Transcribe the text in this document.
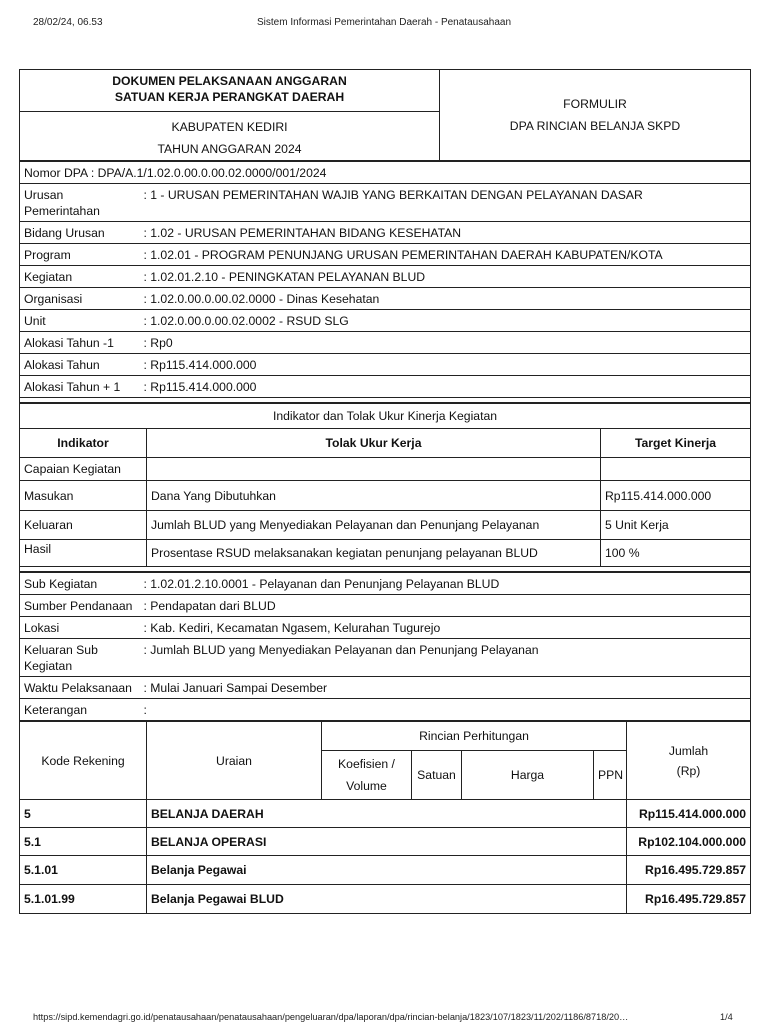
28/02/24, 06.53	Sistem Informasi Pemerintahan Daerah - Penatausahaan
DOKUMEN PELAKSANAAN ANGGARAN
SATUAN KERJA PERANGKAT DAERAH	FORMULIR
DPA RINCIAN BELANJA SKPD

KABUPATEN KEDIRI
TAHUN ANGGARAN 2024
Nomor DPA : DPA/A.1/1.02.0.00.0.00.02.0000/001/2024	
Urusan Pemerintahan	: 1 - URUSAN PEMERINTAHAN WAJIB YANG BERKAITAN DENGAN PELAYANAN DASAR
Bidang Urusan	: 1.02 - URUSAN PEMERINTAHAN BIDANG KESEHATAN
Program	: 1.02.01 - PROGRAM PENUNJANG URUSAN PEMERINTAHAN DAERAH KABUPATEN/KOTA
Kegiatan	: 1.02.01.2.10 - PENINGKATAN PELAYANAN BLUD
Organisasi	: 1.02.0.00.0.00.02.0000 - Dinas Kesehatan
Unit	: 1.02.0.00.0.00.02.0002 - RSUD SLG
Alokasi Tahun -1	: Rp0
Alokasi Tahun	: Rp115.414.000.000
Alokasi Tahun + 1	: Rp115.414.000.000

Indikator dan Tolak Ukur Kinerja Kegiatan		
Indikator	Tolak Ukur Kerja	Target Kinerja
Capaian Kegiatan		
Masukan	Dana Yang Dibutuhkan	Rp115.414.000.000
Keluaran	Jumlah BLUD yang Menyediakan Pelayanan dan Penunjang Pelayanan	5 Unit Kerja
Hasil	Prosentase RSUD melaksanakan kegiatan penunjang pelayanan BLUD	100 %

Sub Kegiatan	: 1.02.01.2.10.0001 - Pelayanan dan Penunjang Pelayanan BLUD
Sumber Pendanaan	: Pendapatan dari BLUD
Lokasi	: Kab. Kediri, Kecamatan Ngasem, Kelurahan Tugurejo
Keluaran Sub Kegiatan	: Jumlah BLUD yang Menyediakan Pelayanan dan Penunjang Pelayanan
Waktu Pelaksanaan	: Mulai Januari Sampai Desember
Keterangan	:
Kode Rekening	Uraian	Rincian Perhitungan				Jumlah
(Rp)

		Koefisien / Volume	Satuan	Harga	PPN	
5	BELANJA DAERAH					Rp115.414.000.000
5.1	BELANJA OPERASI					Rp102.104.000.000
5.1.01	Belanja Pegawai					Rp16.495.729.857
5.1.01.99	Belanja Pegawai BLUD					Rp16.495.729.857
https://sipd.kemendagri.go.id/penatausahaan/penatausahaan/pengeluaran/dpa/laporan/dpa/rincian-belanja/1823/107/1823/11/202/1186/8718/20…	1/4
